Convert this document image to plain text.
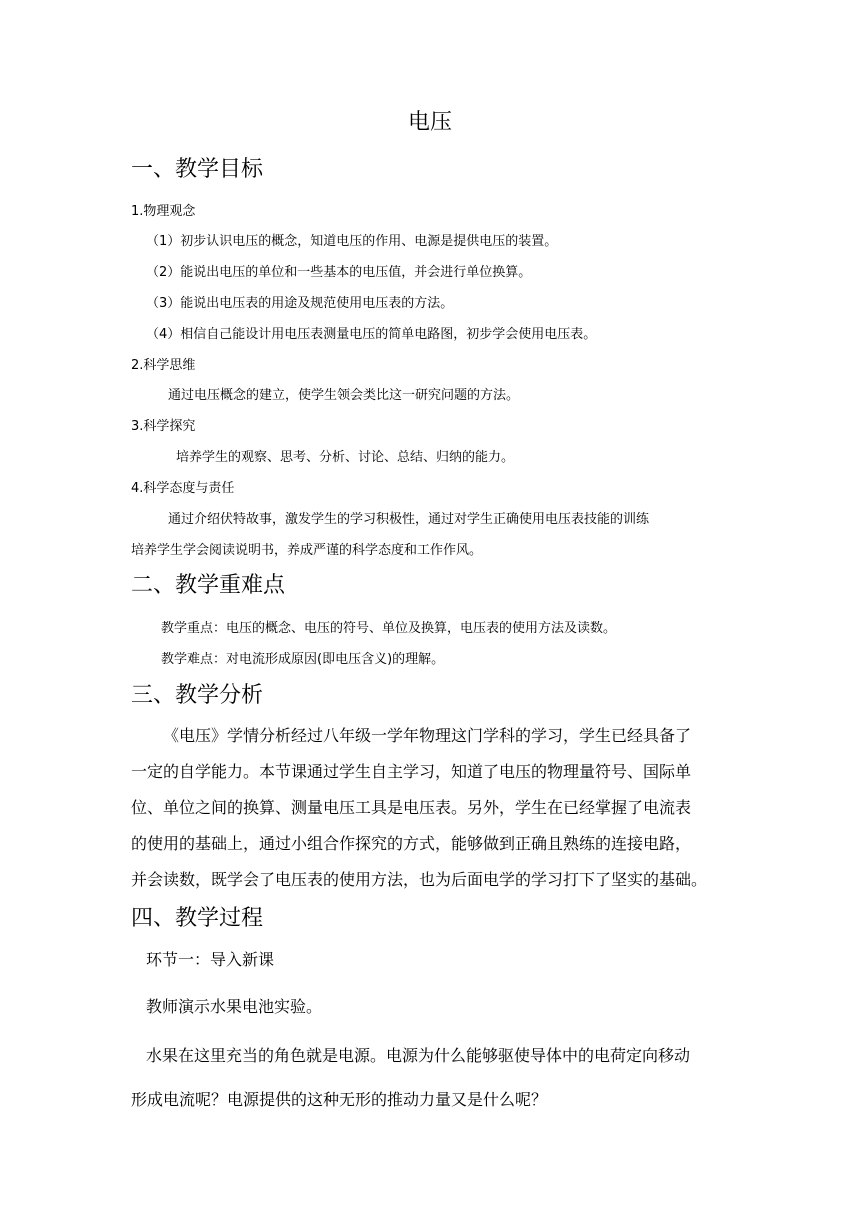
电压
一、教学目标

1.物理观念

（1）初步认识电压的概念，知道电压的作用、电源是提供电压的装置。

（2）能说出电压的单位和一些基本的电压值，并会进行单位换算。

（3）能说出电压表的用途及规范使用电压表的方法。

（4）相信自己能设计用电压表测量电压的简单电路图，初步学会使用电压表。

2.科学思维

通过电压概念的建立，使学生领会类比这一研究问题的方法。

3.科学探究

培养学生的观察、思考、分析、讨论、总结、归纳的能力。

4.科学态度与责任

通过介绍伏特故事，激发学生的学习积极性，通过对学生正确使用电压表技能的训练

培养学生学会阅读说明书，养成严谨的科学态度和工作作风。

二、教学重难点

教学重点：电压的概念、电压的符号、单位及换算，电压表的使用方法及读数。

教学难点：对电流形成原因(即电压含义)的理解。

三、教学分析

《电压》学情分析经过八年级一学年物理这门学科的学习，学生已经具备了

一定的自学能力。本节课通过学生自主学习，知道了电压的物理量符号、国际单

位、单位之间的换算、测量电压工具是电压表。另外，学生在已经掌握了电流表

的使用的基础上，通过小组合作探究的方式，能够做到正确且熟练的连接电路，

并会读数，既学会了电压表的使用方法，也为后面电学的学习打下了坚实的基础。

四、教学过程

环节一：导入新课

教师演示水果电池实验。

水果在这里充当的角色就是电源。电源为什么能够驱使导体中的电荷定向移动

形成电流呢？电源提供的这种无形的推动力量又是什么呢？
